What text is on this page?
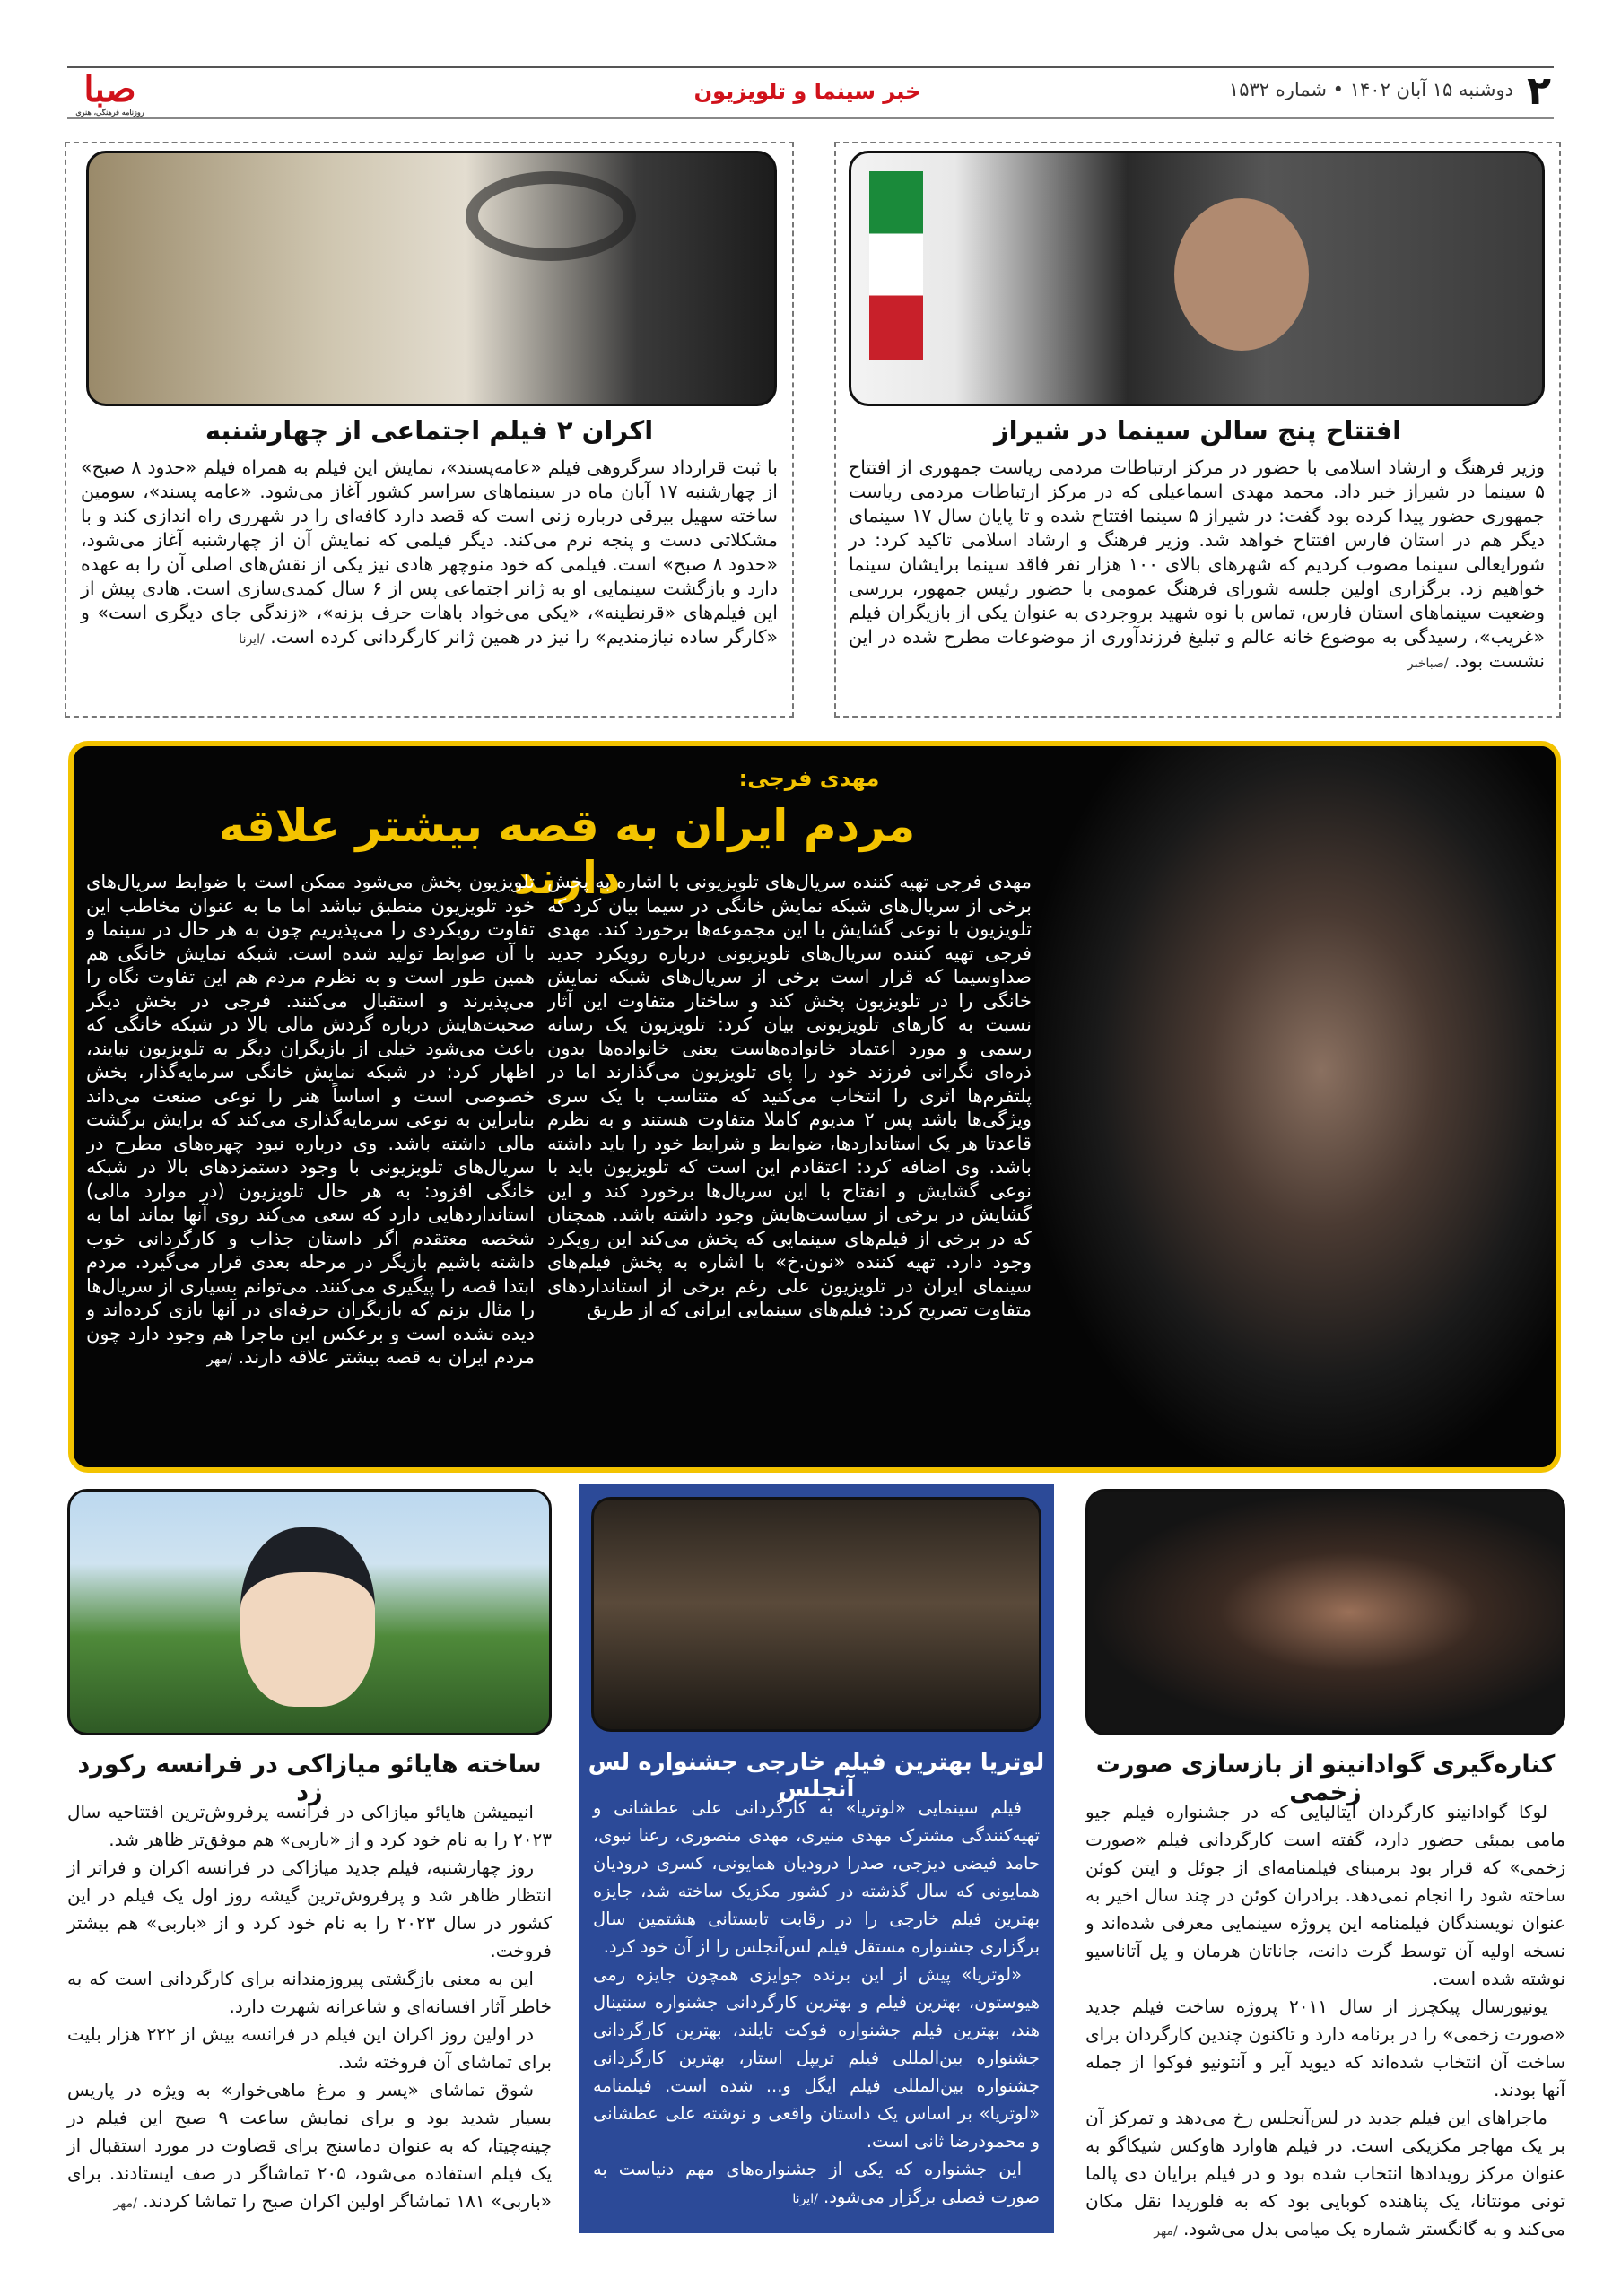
صبا
روزنامه فرهنگی، هنری
خبر سینما و تلویزیون	دوشنبه ۱۵ آبان ۱۴۰۲ • شماره ۱۵۳۲ ۲
افتتاح پنج سالن سینما در شیراز
وزیر فرهنگ و ارشاد اسلامی با حضور در مرکز ارتباطات مردمی ریاست جمهوری از افتتاح ۵ سینما در شیراز خبر داد. محمد مهدی اسماعیلی که در مرکز ارتباطات مردمی ریاست جمهوری حضور پیدا کرده بود گفت: در شیراز ۵ سینما افتتاح شده و تا پایان سال ۱۷ سینمای دیگر هم در استان فارس افتتاح خواهد شد. وزیر فرهنگ و ارشاد اسلامی تاکید کرد: در شورایعالی سینما مصوب کردیم که شهرهای بالای ۱۰۰ هزار نفر فاقد سینما برایشان سینما خواهیم زد. برگزاری اولین جلسه شورای فرهنگ عمومی با حضور رئیس جمهور، بررسی وضعیت سینماهای استان فارس، تماس با نوه شهید بروجردی به عنوان یکی از بازیگران فیلم «غریب»، رسیدگی به موضوع خانه عالم و تبلیغ فرزندآوری از موضوعات مطرح شده در این نشست بود. /صباخبر
اکران ۲ فیلم اجتماعی از چهارشنبه
با ثبت قرارداد سرگروهی فیلم «عامه‌پسند»، نمایش این فیلم به همراه فیلم «حدود ۸ صبح» از چهارشنبه ۱۷ آبان ماه در سینماهای سراسر کشور آغاز می‌شود. «عامه پسند»، سومین ساخته سهیل بیرقی درباره زنی است که قصد دارد کافه‌ای را در شهرری راه اندازی کند و با مشکلاتی دست و پنجه نرم می‌کند. دیگر فیلمی که نمایش آن از چهارشنبه آغاز می‌شود، «حدود ۸ صبح» است. فیلمی که خود منوچهر هادی نیز یکی از نقش‌های اصلی آن را به عهده دارد و بازگشت سینمایی او به ژانر اجتماعی پس از ۶ سال کمدی‌سازی است. هادی پیش از این فیلم‌های «قرنطینه»، «یکی می‌خواد باهات حرف بزنه»، «زندگی جای دیگری است» و «کارگر ساده نیازمندیم» را نیز در همین ژانر کارگردانی کرده است. /ایرنا
مهدی فرجی:
مردم ایران به قصه بیشتر علاقه دارند
مهدی فرجی تهیه کننده سریال‌های تلویزیونی با اشاره به پخش برخی از سریال‌های شبکه نمایش خانگی در سیما بیان کرد که تلویزیون با نوعی گشایش با این مجموعه‌ها برخورد کند. مهدی فرجی تهیه کننده سریال‌های تلویزیونی درباره رویکرد جدید صداوسیما که قرار است برخی از سریال‌های شبکه نمایش خانگی را در تلویزیون پخش کند و ساختار متفاوت این آثار نسبت به کارهای تلویزیونی بیان کرد: تلویزیون یک رسانه رسمی و مورد اعتماد خانواده‌هاست یعنی خانواده‌ها بدون ذره‌ای نگرانی فرزند خود را پای تلویزیون می‌گذارند اما در پلتفرم‌ها اثری را انتخاب می‌کنید که متناسب با یک سری ویژگی‌ها باشد پس ۲ مدیوم کاملا متفاوت هستند و به نظرم قاعدتا هر یک استانداردها، ضوابط و شرایط خود را باید داشته باشد. وی اضافه کرد: اعتقادم این است که تلویزیون باید با نوعی گشایش و انفتاح با این سریال‌ها برخورد کند و این گشایش در برخی از سیاست‌هایش وجود داشته باشد. همچنان که در برخی از فیلم‌های سینمایی که پخش می‌کند این رویکرد وجود دارد. تهیه کننده «نون.خ» با اشاره به پخش فیلم‌های سینمای ایران در تلویزیون علی رغم برخی از استانداردهای متفاوت تصریح کرد: فیلم‌های سینمایی ایرانی که از طریق
تلویزیون پخش می‌شود ممکن است با ضوابط سریال‌های خود تلویزیون منطبق نباشد اما ما به عنوان مخاطب این تفاوت رویکردی را می‌پذیریم چون به هر حال در سینما و با آن ضوابط تولید شده است. شبکه نمایش خانگی هم همین طور است و به نظرم مردم هم این تفاوت نگاه را می‌پذیرند و استقبال می‌کنند. فرجی در بخش دیگر صحبت‌هایش درباره گردش مالی بالا در شبکه خانگی که باعث می‌شود خیلی از بازیگران دیگر به تلویزیون نیایند، اظهار کرد: در شبکه نمایش خانگی سرمایه‌گذار، بخش خصوصی است و اساساً هنر را نوعی صنعت می‌داند بنابراین به نوعی سرمایه‌گذاری می‌کند که برایش برگشت مالی داشته باشد. وی درباره نبود چهره‌های مطرح در سریال‌های تلویزیونی با وجود دستمزدهای بالا در شبکه خانگی افزود: به هر حال تلویزیون (در موارد مالی) استانداردهایی دارد که سعی می‌کند روی آنها بماند اما به شخصه معتقدم اگر داستان جذاب و کارگردانی خوب داشته باشیم بازیگر در مرحله بعدی قرار می‌گیرد. مردم ابتدا قصه را پیگیری می‌کنند. می‌توانم بسیاری از سریال‌ها را مثال بزنم که بازیگران حرفه‌ای در آنها بازی کرده‌اند و دیده نشده است و برعکس این ماجرا هم وجود دارد چون مردم ایران به قصه بیشتر علاقه دارند. /مهر
کناره‌گیری گوادانینو از بازسازی صورت زخمی

لوکا گوادانینو کارگردان ایتالیایی که در جشنواره فیلم جیو مامی بمبئی حضور دارد، گفته است کارگردانی فیلم «صورت زخمی» که قرار بود برمبنای فیلمنامه‌ای از جوئل و ایتن کوئن ساخته شود را انجام نمی‌دهد. برادران کوئن در چند سال اخیر به عنوان نویسندگان فیلمنامه این پروژه سینمایی معرفی شده‌اند و نسخه اولیه آن توسط گرت دانت، جاناتان هرمان و پل آتاناسیو نوشته شده است.

یونیورسال پیکچرز از سال ۲۰۱۱ پروژه ساخت فیلم جدید «صورت زخمی» را در برنامه دارد و تاکنون چندین کارگردان برای ساخت آن انتخاب شده‌اند که دیوید آیر و آنتونیو فوکوا از جمله آنها بودند.

ماجراهای این فیلم جدید در لس‌آنجلس رخ می‌دهد و تمرکز آن بر یک مهاجر مکزیکی است. در فیلم هاوارد هاوکس شیکاگو به عنوان مرکز رویدادها انتخاب شده بود و در فیلم برایان دی پالما تونی مونتانا، یک پناهنده کوبایی بود که به فلوریدا نقل مکان می‌کند و به گانگستر شماره یک میامی بدل می‌شود. /مهر

لوتریا بهترین فیلم خارجی جشنواره لس آنجلس

فیلم سینمایی «لوتریا» به کارگردانی علی عطشانی و تهیه‌کنندگی مشترک مهدی منیری، مهدی منصوری، رعنا نبوی، حامد فیضی دیزجی، صدرا درودیان همایونی، کسری درودیان همایونی که سال گذشته در کشور مکزیک ساخته شد، جایزه بهترین فیلم خارجی را در رقابت تابستانی هشتمین سال برگزاری جشنواره مستقل فیلم لس‌آنجلس را از آن خود کرد.

«لوتریا» پیش از این برنده جوایزی همچون جایزه رمی هیوستون، بهترین فیلم و بهترین کارگردانی جشنواره سنتینال هند، بهترین فیلم جشنواره فوکت تایلند، بهترین کارگردانی جشنواره بین‌المللی فیلم تریپل استار، بهترین کارگردانی جشنواره بین‌المللی فیلم ایگل و... شده است. فیلمنامه «لوتریا» بر اساس یک داستان واقعی و نوشته علی عطشانی و محمودرضا ثانی است.

این جشنواره که یکی از جشنواره‌های مهم دنیاست به صورت فصلی برگزار می‌شود. /ایرنا

ساخته هایائو میازاکی در فرانسه رکورد زد

انیمیشن هایائو میازاکی در فرانسه پرفروش‌ترین افتتاحیه سال ۲۰۲۳ را به نام خود کرد و از «باربی» هم موفق‌تر ظاهر شد.

روز چهارشنبه، فیلم جدید میازاکی در فرانسه اکران و فراتر از انتظار ظاهر شد و پرفروش‌ترین گیشه روز اول یک فیلم در این کشور در سال ۲۰۲۳ را به نام خود کرد و از «باربی» هم بیشتر فروخت.

این به معنی بازگشتی پیروزمندانه برای کارگردانی است که به خاطر آثار افسانه‌ای و شاعرانه شهرت دارد.

در اولین روز اکران این فیلم در فرانسه بیش از ۲۲۲ هزار بلیت برای تماشای آن فروخته شد.

شوق تماشای «پسر و مرغ ماهی‌خوار» به ویژه در پاریس بسیار شدید بود و برای نمایش ساعت ۹ صبح این فیلم در چینه‌چیتا، که به عنوان دماسنج برای قضاوت در مورد استقبال از یک فیلم استفاده می‌شود، ۲۰۵ تماشاگر در صف ایستادند. برای «باربی» ۱۸۱ تماشاگر اولین اکران صبح را تماشا کردند. /مهر
